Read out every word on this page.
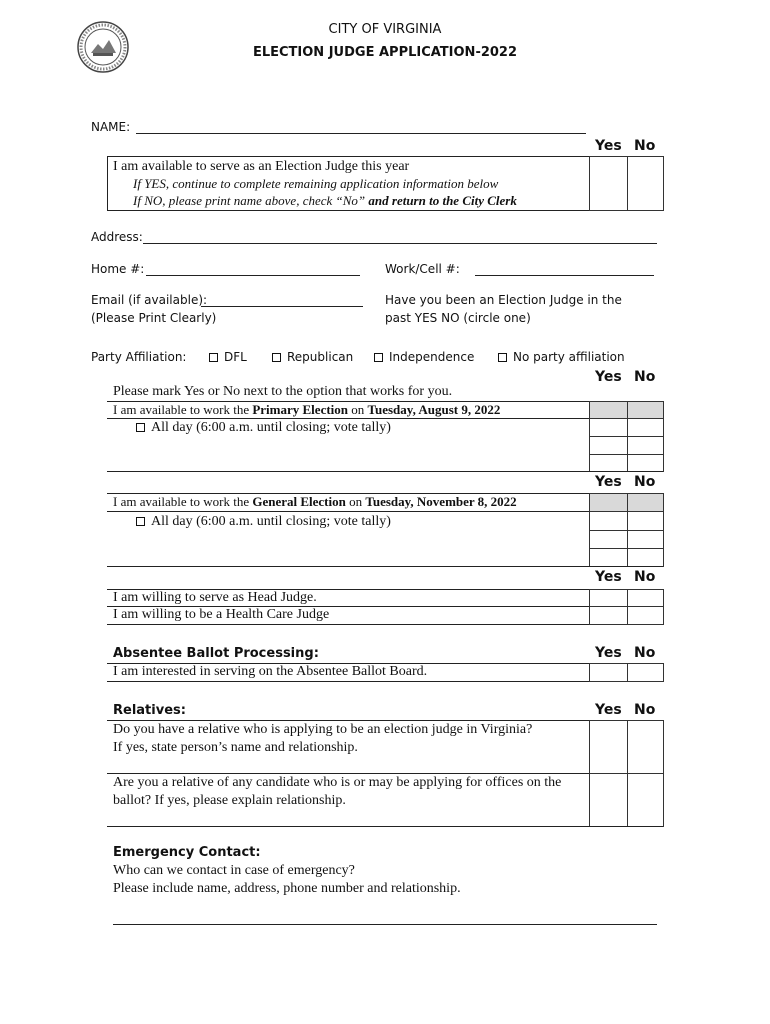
CITY OF VIRGINIA
ELECTION JUDGE APPLICATION-2022
NAME:
Yes No
I am available to serve as an Election Judge this year
If YES, continue to complete remaining application information below
If NO, please print name above, check “No” and return to the City Clerk
Address:
Home #:	Work/Cell #:
Email (if available):
(Please Print Clearly)
Have you been an Election Judge in the
past YES NO (circle one)
Party Affiliation:	DFL	Republican	Independence	No party affiliation
Yes No
Please mark Yes or No next to the option that works for you.
I am available to work the Primary Election on Tuesday, August 9, 2022
All day (6:00 a.m. until closing; vote tally)
Yes No
I am available to work the General Election on Tuesday, November 8, 2022
All day (6:00 a.m. until closing; vote tally)
Yes No
I am willing to serve as Head Judge.
I am willing to be a Health Care Judge
Absentee Ballot Processing:	Yes No
I am interested in serving on the Absentee Ballot Board.
Relatives:	Yes No
Do you have a relative who is applying to be an election judge in Virginia?
If yes, state person’s name and relationship.
Are you a relative of any candidate who is or may be applying for offices on the
ballot? If yes, please explain relationship.
Emergency Contact:
Who can we contact in case of emergency?
Please include name, address, phone number and relationship.
